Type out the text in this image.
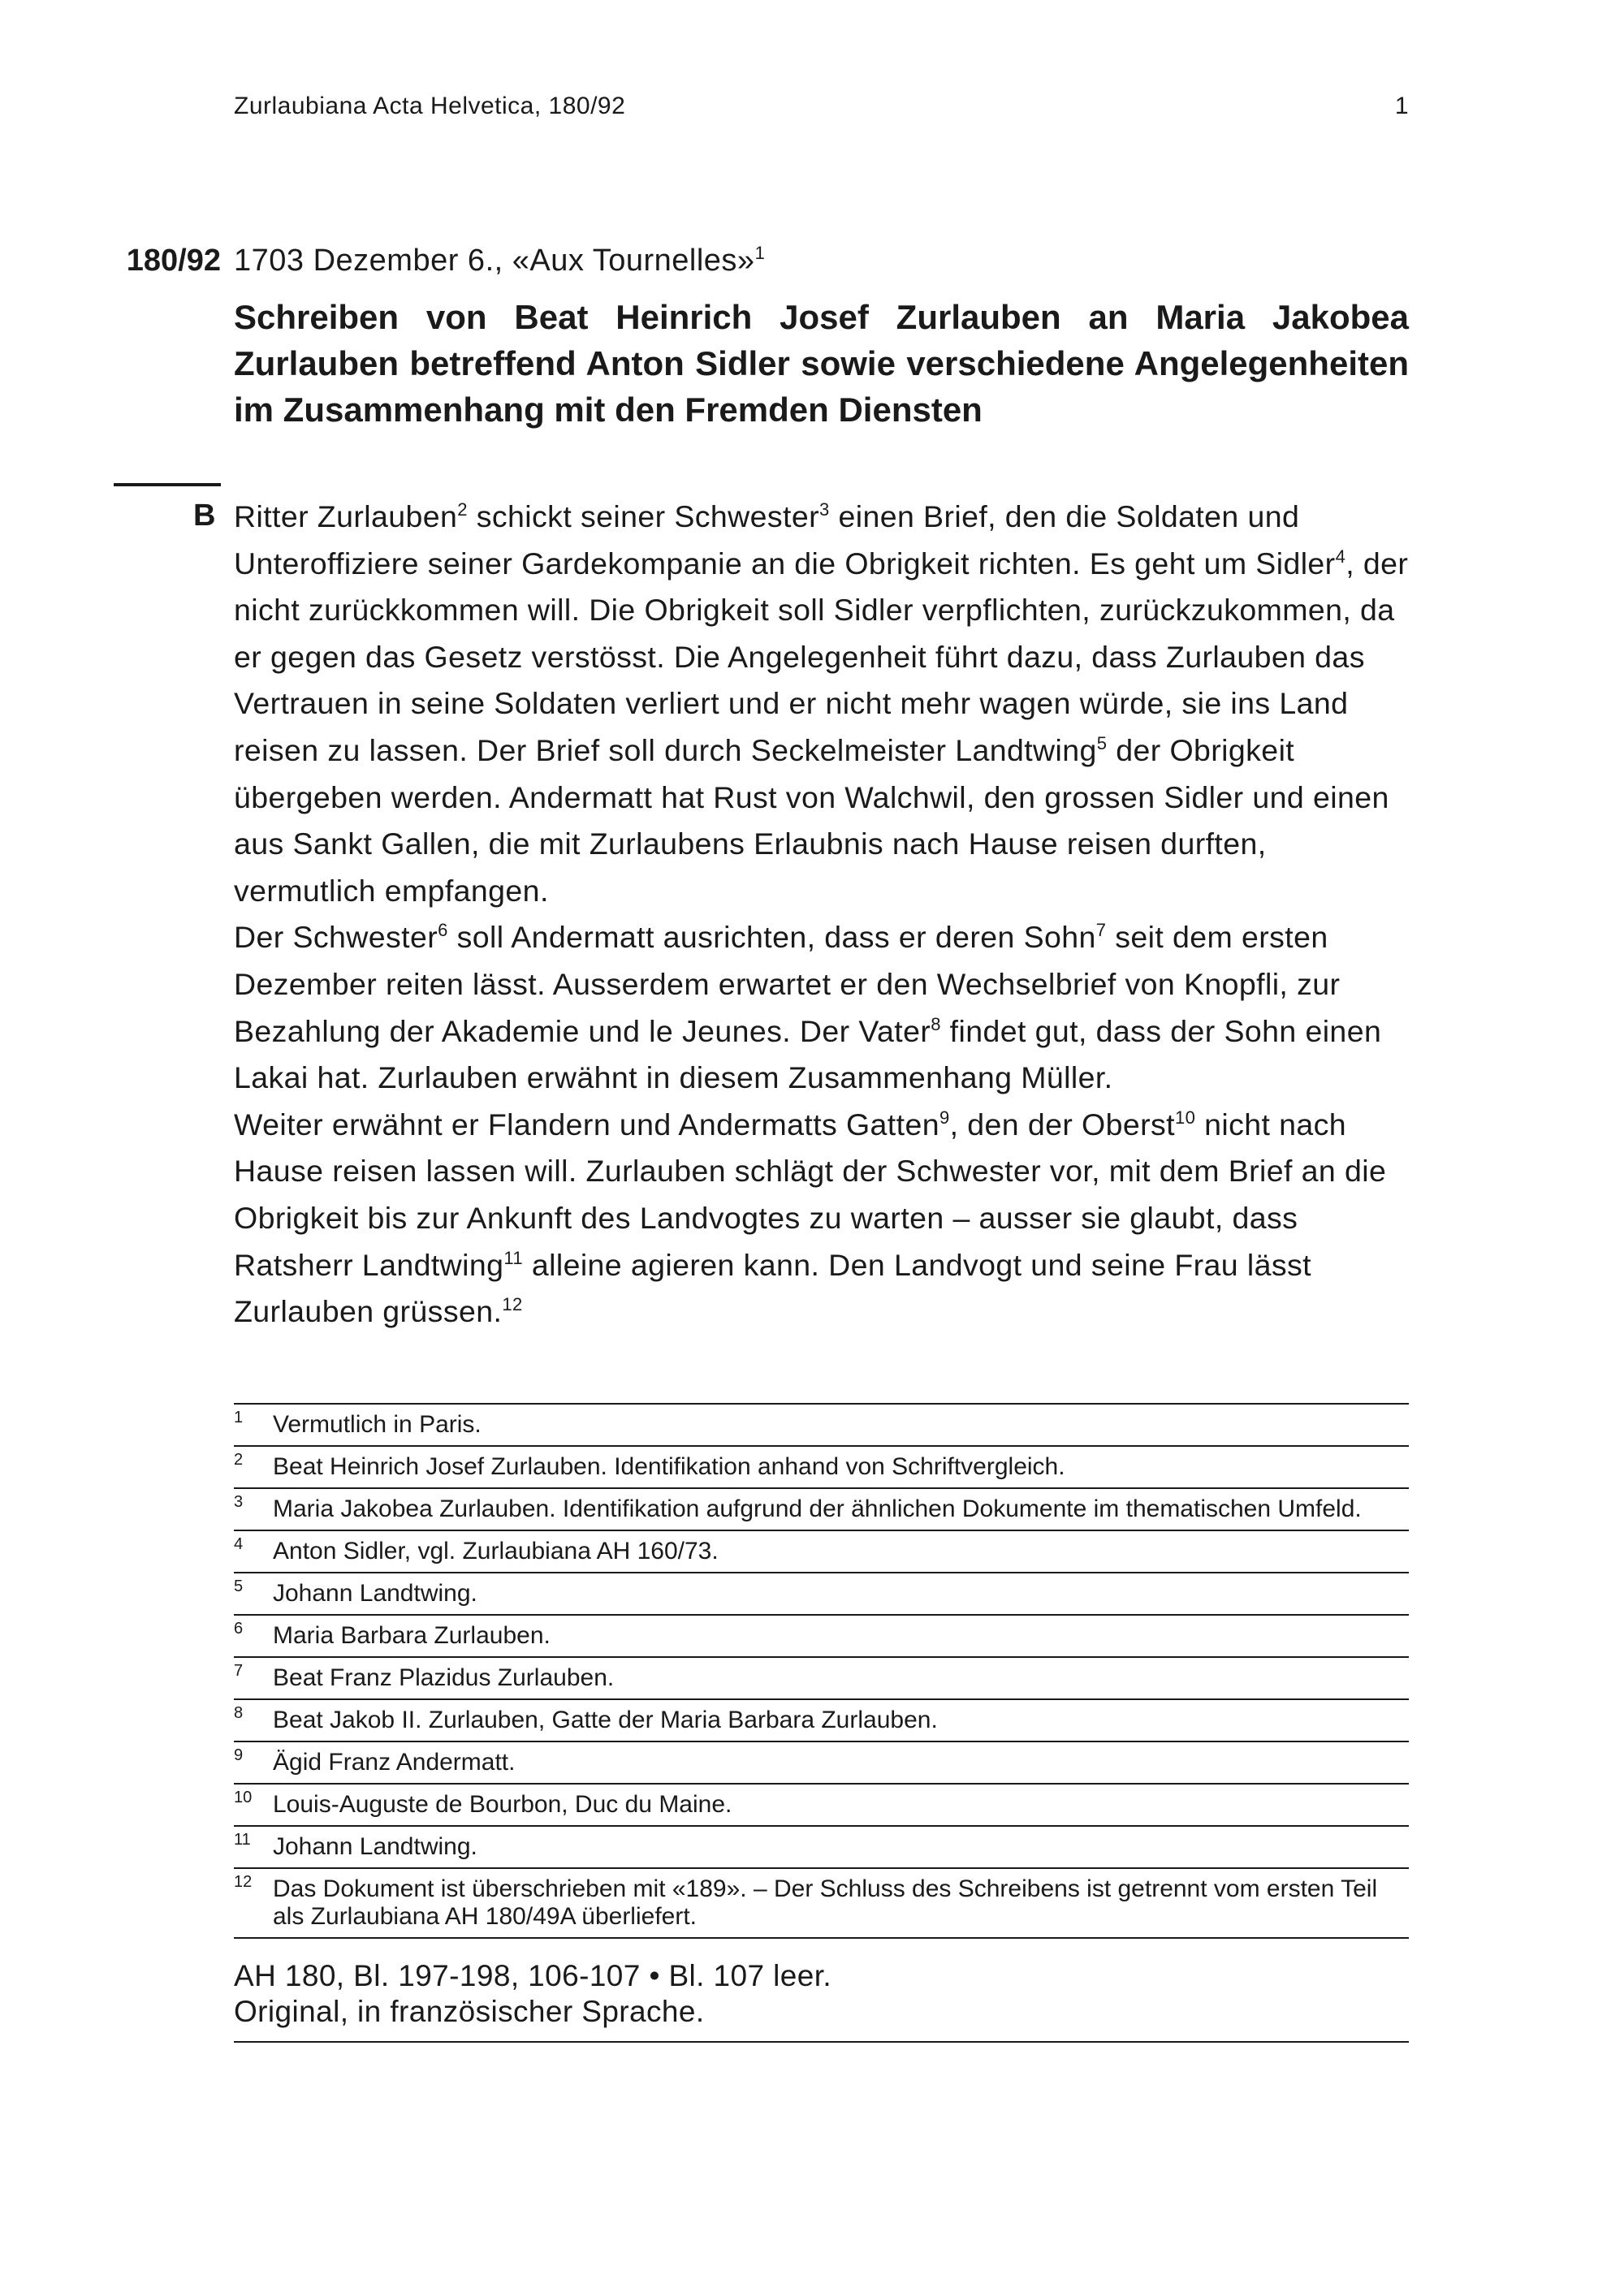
Zurlaubiana Acta Helvetica, 180/92	1
180/92 1703 Dezember 6., «Aux Tournelles»$^1$
Schreiben von Beat Heinrich Josef Zurlauben an Maria Jakobea Zurlauben betreffend Anton Sidler sowie verschiedene Angelegenheiten im Zusammenhang mit den Fremden Diensten
B Ritter Zurlauben$^2$ schickt seiner Schwester$^3$ einen Brief, den die Soldaten und Unteroffiziere seiner Gardekompanie an die Obrigkeit richten. Es geht um Sidler$^4$, der nicht zurückkommen will. Die Obrigkeit soll Sidler verpflichten, zurückzukommen, da er gegen das Gesetz verstösst. Die Angelegenheit führt dazu, dass Zurlauben das Vertrauen in seine Soldaten verliert und er nicht mehr wagen würde, sie ins Land reisen zu lassen. Der Brief soll durch Seckelmeister Landtwing$^5$ der Obrigkeit übergeben werden. Andermatt hat Rust von Walchwil, den grossen Sidler und einen aus Sankt Gallen, die mit Zurlaubens Erlaubnis nach Hause reisen durften, vermutlich empfangen.

Der Schwester$^6$ soll Andermatt ausrichten, dass er deren Sohn$^7$ seit dem ersten Dezember reiten lässt. Ausserdem erwartet er den Wechselbrief von Knopfli, zur Bezahlung der Akademie und le Jeunes. Der Vater$^8$ findet gut, dass der Sohn einen Lakai hat. Zurlauben erwähnt in diesem Zusammenhang Müller.

Weiter erwähnt er Flandern und Andermatts Gatten$^9$, den der Oberst$^{10}$ nicht nach Hause reisen lassen will. Zurlauben schlägt der Schwester vor, mit dem Brief an die Obrigkeit bis zur Ankunft des Landvogtes zu warten – ausser sie glaubt, dass Ratsherr Landtwing$^{11}$ alleine agieren kann. Den Landvogt und seine Frau lässt Zurlauben grüssen.$^{12}$

1 Vermutlich in Paris.
2 Beat Heinrich Josef Zurlauben. Identifikation anhand von Schriftvergleich.
3 Maria Jakobea Zurlauben. Identifikation aufgrund der ähnlichen Dokumente im thematischen Umfeld.
4 Anton Sidler, vgl. Zurlaubiana AH 160/73.
5 Johann Landtwing.
6 Maria Barbara Zurlauben.
7 Beat Franz Plazidus Zurlauben.
8 Beat Jakob II. Zurlauben, Gatte der Maria Barbara Zurlauben.
9 Ägid Franz Andermatt.
10 Louis-Auguste de Bourbon, Duc du Maine.
11 Johann Landtwing.
12 Das Dokument ist überschrieben mit «189». – Der Schluss des Schreibens ist getrennt vom ersten Teil als Zurlaubiana AH 180/49A überliefert.
AH 180, Bl. 197-198, 106-107 • Bl. 107 leer.
Original, in französischer Sprache.
